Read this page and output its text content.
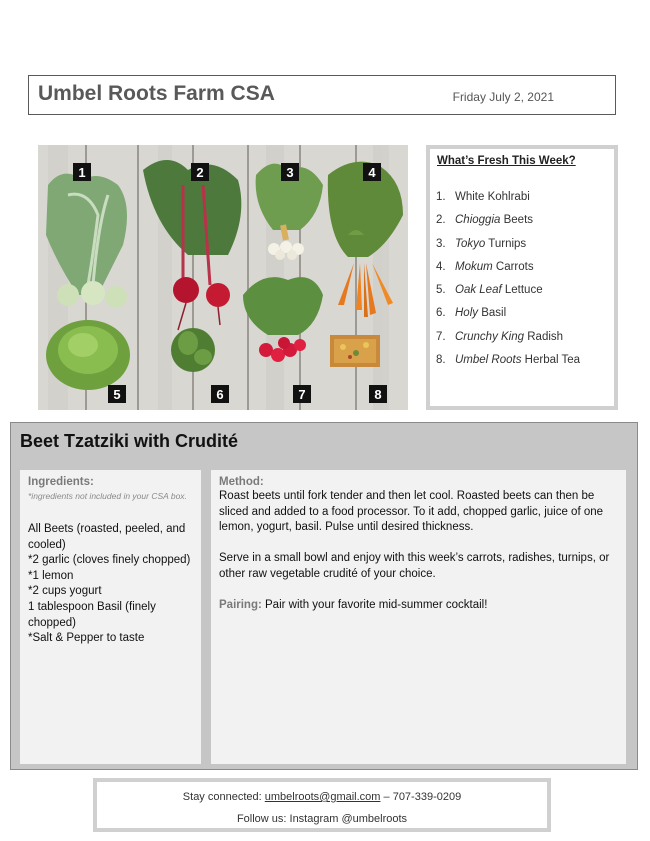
Umbel Roots Farm CSA	Friday July 2, 2021
1	2	3	4
5	6	7	8
What’s Fresh This Week?
1. White Kohlrabi
2. Chioggia Beets
3. Tokyo Turnips
4. Mokum Carrots
5. Oak Leaf Lettuce
6. Holy Basil
7. Crunchy King Radish
8. Umbel Roots Herbal Tea
Beet Tzatziki with Crudité
Ingredients:
*ingredients not included in your CSA box.
All Beets (roasted, peeled, and cooled)
*2 garlic (cloves finely chopped)
*1 lemon
*2 cups yogurt
1 tablespoon Basil (finely chopped)
*Salt & Pepper to taste
Method:

Roast beets until fork tender and then let cool. Roasted beets can then be sliced and added to a food processor. To it add, chopped garlic, juice of one lemon, yogurt, basil. Pulse until desired thickness.

Serve in a small bowl and enjoy with this week’s carrots, radishes, turnips, or other raw vegetable crudité of your choice.

Pairing: Pair with your favorite mid-summer cocktail!

Stay connected: umbelroots@gmail.com – 707-339-0209
Follow us: Instagram @umbelroots
